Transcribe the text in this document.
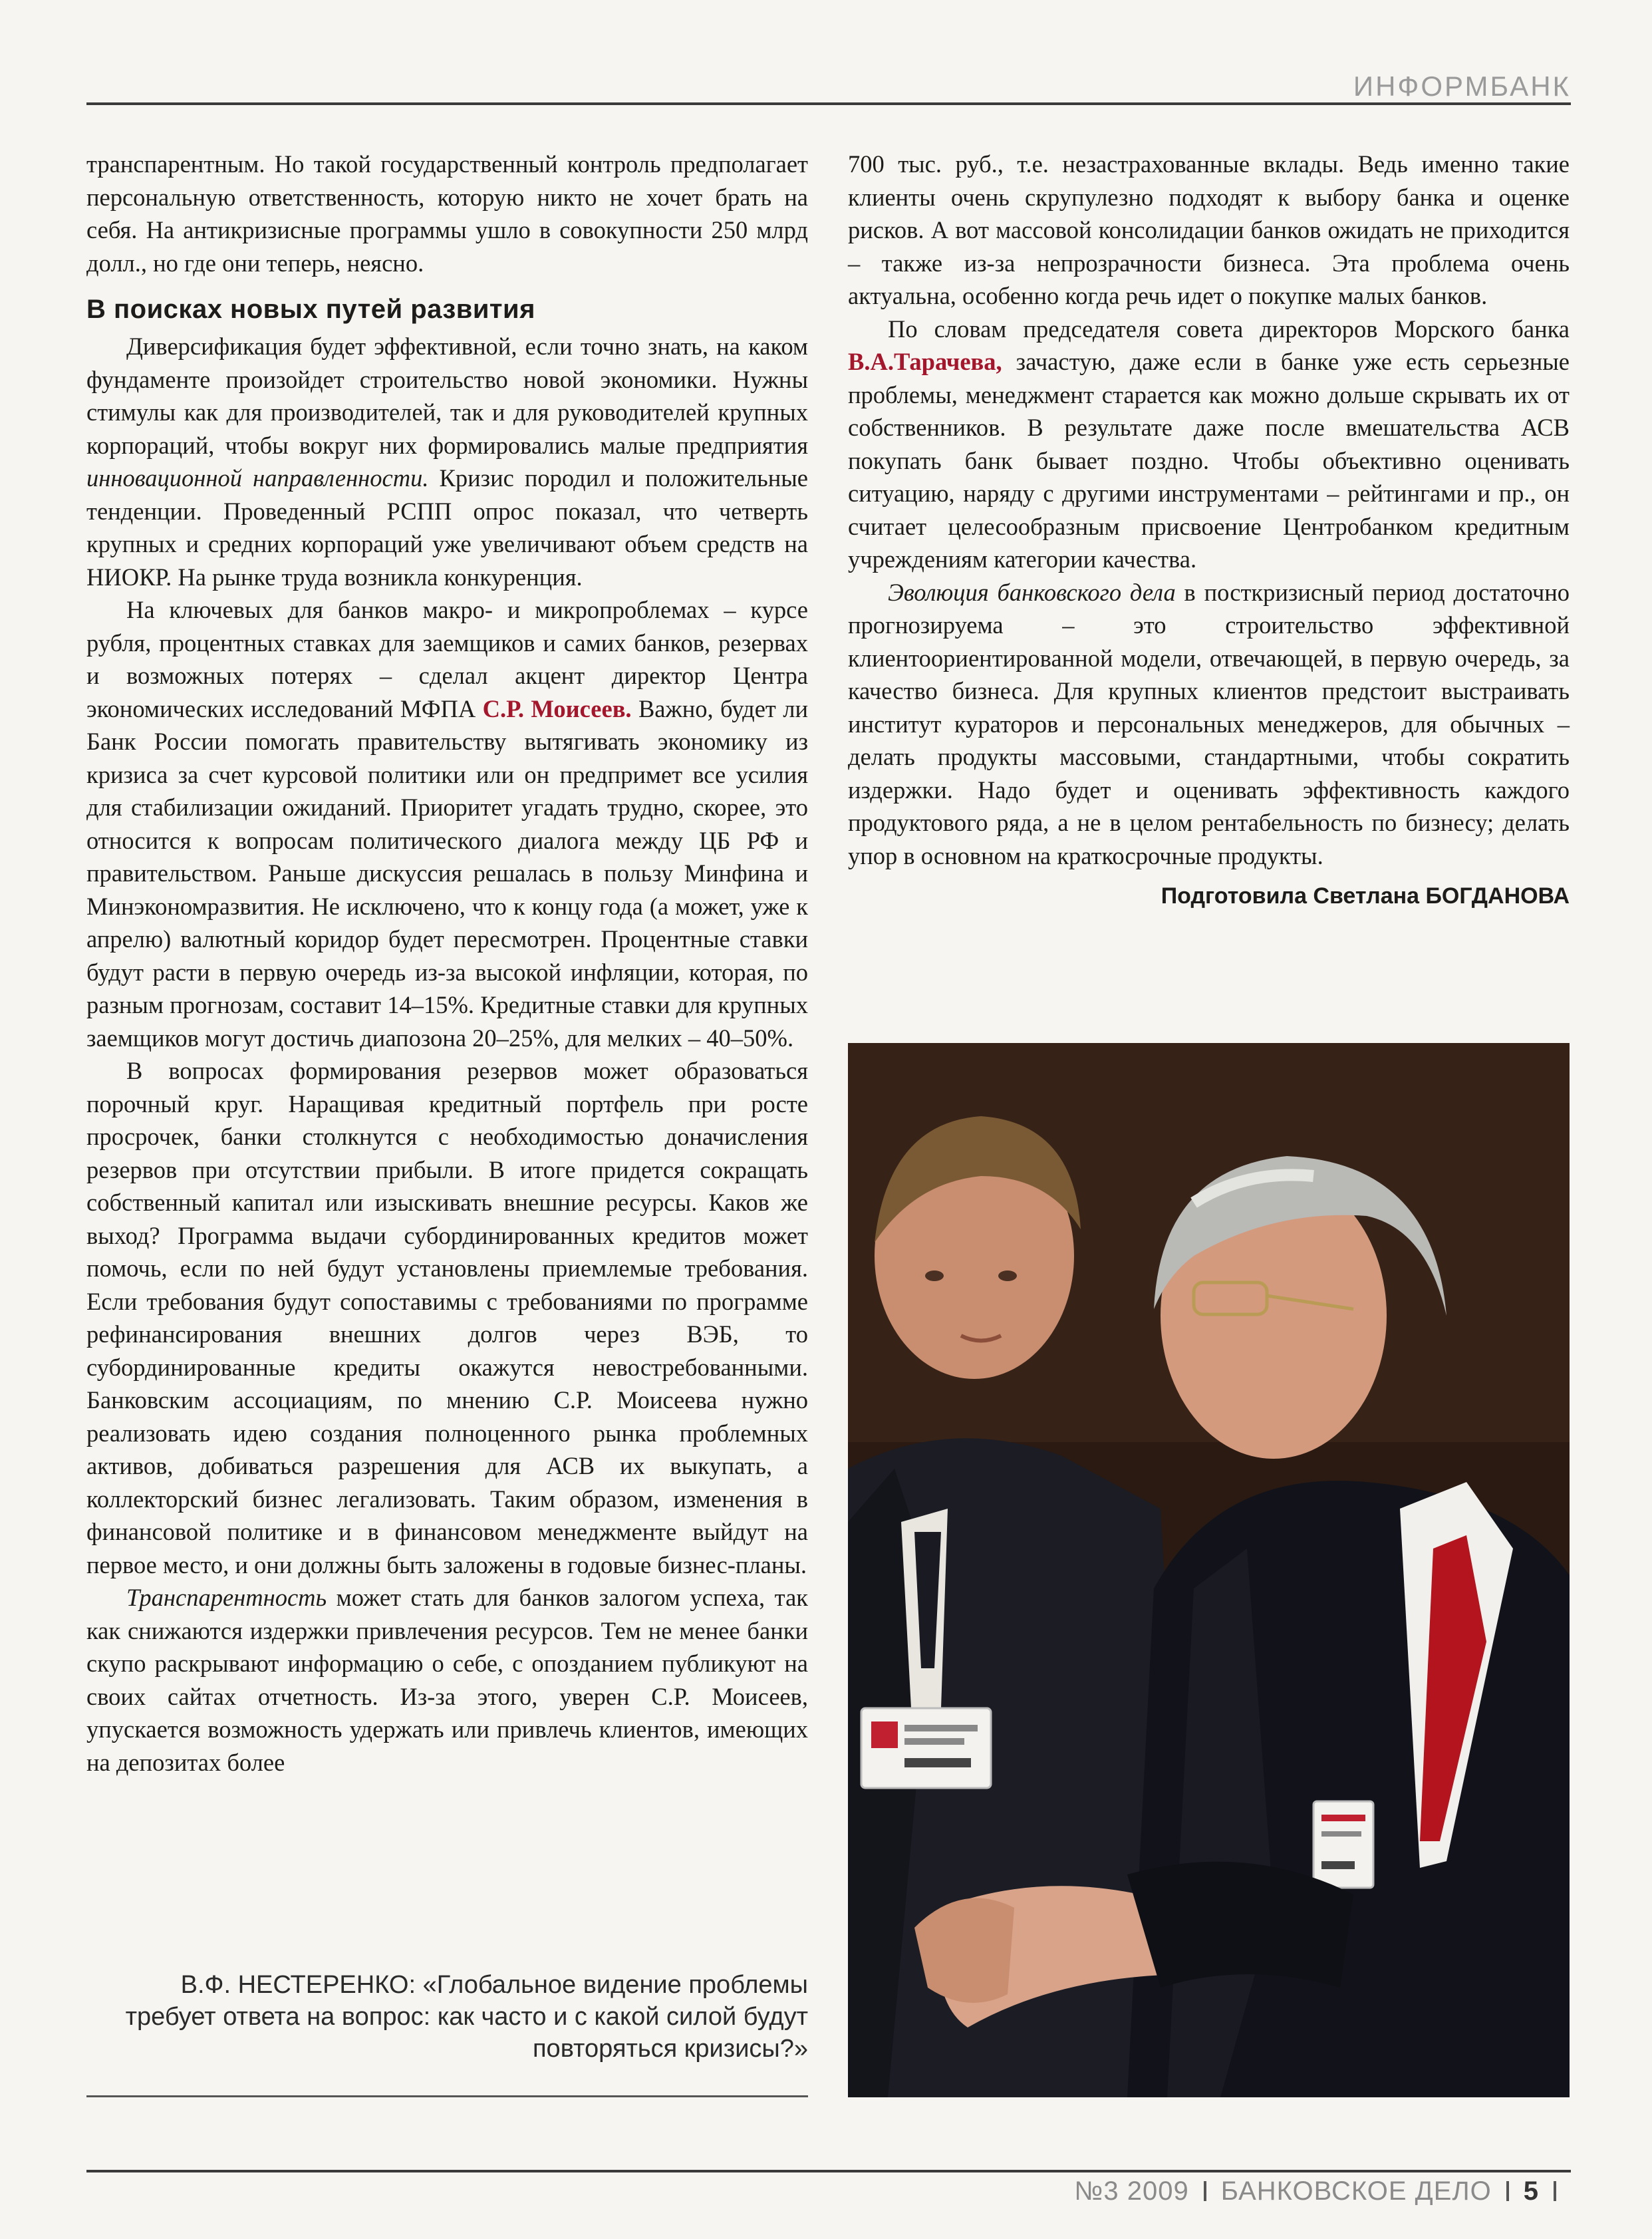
ИНФОРМБАНК

транспарентным. Но такой государственный контроль предполагает персональную ответственность, которую никто не хочет брать на себя. На антикризисные программы ушло в совокупности 250 млрд долл., но где они теперь, неясно.

В поисках новых путей развития

Диверсификация будет эффективной, если точно знать, на каком фундаменте произойдет строительство новой экономики. Нужны стимулы как для производителей, так и для руководителей крупных корпораций, чтобы вокруг них формировались малые предприятия инновационной направленности. Кризис породил и положительные тенденции. Проведенный РСПП опрос показал, что четверть крупных и средних корпораций уже увеличивают объем средств на НИОКР. На рынке труда возникла конкуренция.

На ключевых для банков макро- и микропроблемах – курсе рубля, процентных ставках для заемщиков и самих банков, резервах и возможных потерях – сделал акцент директор Центра экономических исследований МФПА С.Р. Моисеев. Важно, будет ли Банк России помогать правительству вытягивать экономику из кризиса за счет курсовой политики или он предпримет все усилия для стабилизации ожиданий. Приоритет угадать трудно, скорее, это относится к вопросам политического диалога между ЦБ РФ и правительством. Раньше дискуссия решалась в пользу Минфина и Минэкономразвития. Не исключено, что к концу года (а может, уже к апрелю) валютный коридор будет пересмотрен. Процентные ставки будут расти в первую очередь из-за высокой инфляции, которая, по разным прогнозам, составит 14–15%. Кредитные ставки для крупных заемщиков могут достичь диапозона 20–25%, для мелких – 40–50%.

В вопросах формирования резервов может образоваться порочный круг. Наращивая кредитный портфель при росте просрочек, банки столкнутся с необходимостью доначисления резервов при отсутствии прибыли. В итоге придется сокращать собственный капитал или изыскивать внешние ресурсы. Каков же выход? Программа выдачи субординированных кредитов может помочь, если по ней будут установлены приемлемые требования. Если требования будут сопоставимы с требованиями по программе рефинансирования внешних долгов через ВЭБ, то субординированные кредиты окажутся невостребованными. Банковским ассоциациям, по мнению С.Р. Моисеева нужно реализовать идею создания полноценного рынка проблемных активов, добиваться разрешения для АСВ их выкупать, а коллекторский бизнес легализовать. Таким образом, изменения в финансовой политике и в финансовом менеджменте выйдут на первое место, и они должны быть заложены в годовые бизнес-планы.

Транспарентность может стать для банков залогом успеха, так как снижаются издержки привлечения ресурсов. Тем не менее банки скупо раскрывают информацию о себе, с опозданием публикуют на своих сайтах отчетность. Из-за этого, уверен С.Р. Моисеев, упускается возможность удержать или привлечь клиентов, имеющих на депозитах более

700 тыс. руб., т.е. незастрахованные вклады. Ведь именно такие клиенты очень скрупулезно подходят к выбору банка и оценке рисков. А вот массовой консолидации банков ожидать не приходится – также из-за непрозрачности бизнеса. Эта проблема очень актуальна, особенно когда речь идет о покупке малых банков.

По словам председателя совета директоров Морского банка В.А.Тарачева, зачастую, даже если в банке уже есть серьезные проблемы, менеджмент старается как можно дольше скрывать их от собственников. В результате даже после вмешательства АСВ покупать банк бывает поздно. Чтобы объективно оценивать ситуацию, наряду с другими инструментами – рейтингами и пр., он считает целесообразным присвоение Центробанком кредитным учреждениям категории качества.

Эволюция банковского дела в посткризисный период достаточно прогнозируема – это строительство эффективной клиентоориентированной модели, отвечающей, в первую очередь, за качество бизнеса. Для крупных клиентов предстоит выстраивать институт кураторов и персональных менеджеров, для обычных – делать продукты массовыми, стандартными, чтобы сократить издержки. Надо будет и оценивать эффективность каждого продуктового ряда, а не в целом рентабельность по бизнесу; делать упор в основном на краткосрочные продукты.

Подготовила Светлана БОГДАНОВА

В.Ф. НЕСТЕРЕНКО: «Глобальное видение проблемы требует ответа на вопрос: как часто и с какой силой будут повторяться кризисы?»
№3 2009 БАНКОВСКОЕ ДЕЛО 5
